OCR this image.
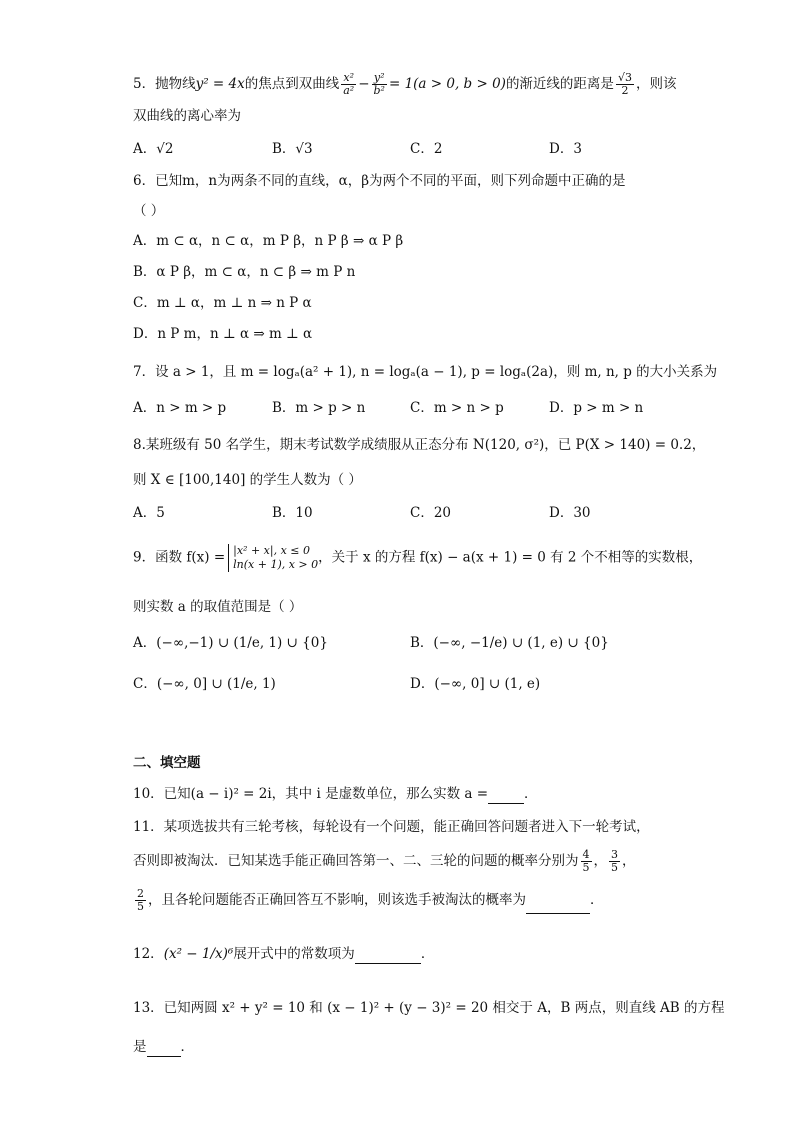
5．抛物线y² = 4x的焦点到双曲线 $\frac{\text{x²}}{\text{a²}} - \frac{\text{y²}}{\text{b²}} = 1(a > 0$, b > 0)的渐近线的距离是 $\frac{√3}{2}$ ，则该
双曲线的离心率为
A．√2	B．√3	C．2	D．3
6．已知m，n为两条不同的直线，α，β为两个不同的平面，则下列命题中正确的是
（ ）
A．m ⊂ α，n ⊂ α，m P β，n P β ⇒ α P β
B．α P β，m ⊂ α，n ⊂ β ⇒ m P n
C．m ⊥ α，m ⊥ n ⇒ n P α
D．n P m，n ⊥ α ⇒ m ⊥ α
7．设 a > 1，且 m = logₐ(a² + 1), n = logₐ(a − 1), p = logₐ(2a)，则 m, n, p 的大小关系为
A．n > m > p	B．m > p > n	C．m > n > p	D．p > m > n
8.某班级有 50 名学生，期末考试数学成绩服从正态分布 N(120, σ²)，已 P(X > 140) = 0.2，
则 X ∈ [100,140] 的学生人数为（ ）
A．5	B．10	C．20	D．30
9．函数 f(x) = |x² + x|, x ≤ 0
ln(x + 1), x > 0 ，关于 x 的方程 f(x) − a(x + 1) = 0 有 2 个不相等的实数根，
则实数 a 的取值范围是（ ）
A．(−∞,−1) ∪ (1/e, 1) ∪ {0}	B．(−∞, −1/e) ∪ (1, e) ∪ {0}
C．(−∞, 0] ∪ (1/e, 1)	D．(−∞, 0] ∪ (1, e)
二、填空题
10．已知(a − i)² = 2i，其中 i 是虚数单位，那么实数 a =	．
11．某项选拔共有三轮考核，每轮设有一个问题，能正确回答问题者进入下一轮考试，
否则即被淘汰．已知某选手能正确回答第一、二、三轮的问题的概率分别为 $\frac{4}{5}$ ， $\frac{3}{5}$ ，
$\frac{2}{5}$ ，且各轮问题能否正确回答互不影响，则该选手被淘汰的概率为	．
12．(x² − 1/x)⁶展开式中的常数项为	．
13．已知两圆 x² + y² = 10 和 (x − 1)² + (y − 3)² = 20 相交于 A，B 两点，则直线 AB 的方程
是	．
